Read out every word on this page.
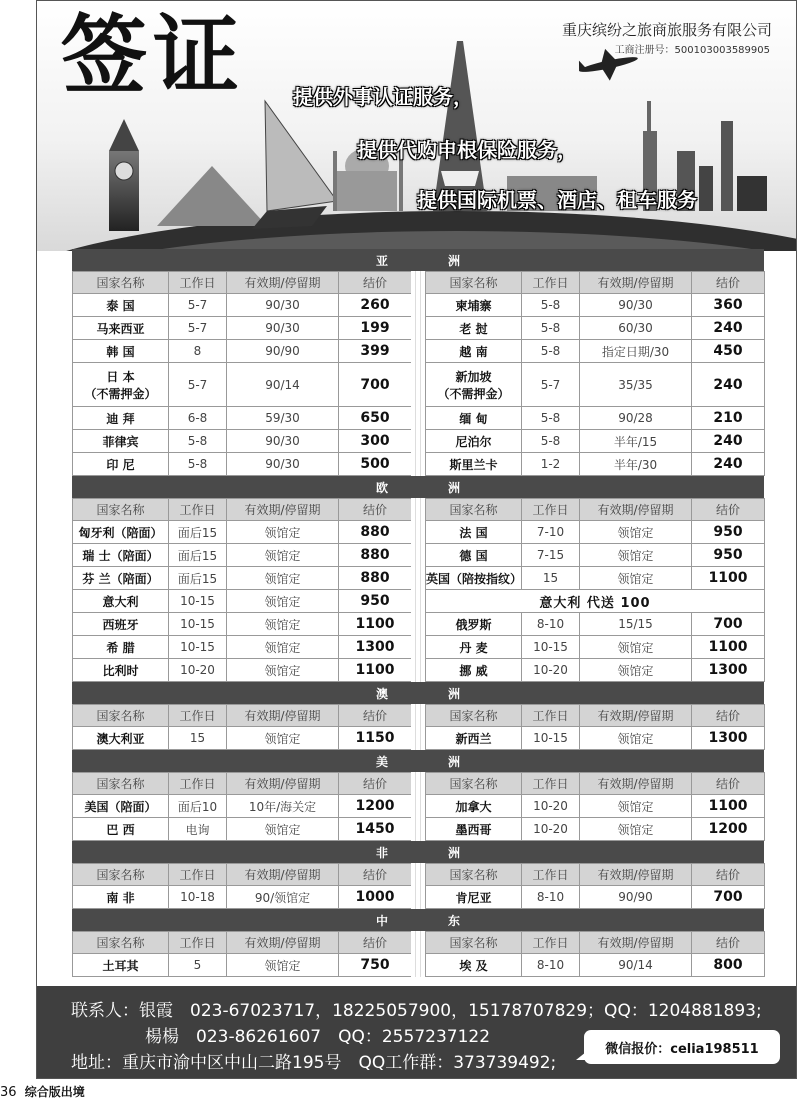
签证	重庆缤纷之旅商旅服务有限公司
工商注册号：500103003589905
提供外事认证服务，
提供代购申根保险服务，
提供国际机票、酒店、租车服务
亚洲
国家名称	工作日	有效期/停留期	结价
泰 国	5-7	90/30	260
马来西亚	5-7	90/30	199
韩 国	8	90/90	399
日 本
（不需押金）	5-7	90/14	700
迪 拜	6-8	59/30	650
菲律宾	5-8	90/30	300
印 尼	5-8	90/30	500
国家名称	工作日	有效期/停留期	结价
柬埔寨	5-8	90/30	360
老 挝	5-8	60/30	240
越 南	5-8	指定日期/30	450
新加坡
（不需押金）	5-7	35/35	240
缅 甸	5-8	90/28	210
尼泊尔	5-8	半年/15	240
斯里兰卡	1-2	半年/30	240
欧洲
国家名称	工作日	有效期/停留期	结价
匈牙利（陪面）	面后15	领馆定	880
瑞 士（陪面）	面后15	领馆定	880
芬 兰（陪面）	面后15	领馆定	880
意大利	10-15	领馆定	950
西班牙	10-15	领馆定	1100
希 腊	10-15	领馆定	1300
比利时	10-20	领馆定	1100
国家名称	工作日	有效期/停留期	结价
法 国	7-10	领馆定	950
德 国	7-15	领馆定	950
英国（陪按指纹）	15	领馆定	1100
意大利 代送 100			
俄罗斯	8-10	15/15	700
丹 麦	10-15	领馆定	1100
挪 威	10-20	领馆定	1300
澳洲
国家名称	工作日	有效期/停留期	结价
澳大利亚	15	领馆定	1150
国家名称	工作日	有效期/停留期	结价
新西兰	10-15	领馆定	1300
美洲
国家名称	工作日	有效期/停留期	结价
美国（陪面）	面后10	10年/海关定	1200
巴 西	电询	领馆定	1450
国家名称	工作日	有效期/停留期	结价
加拿大	10-20	领馆定	1100
墨西哥	10-20	领馆定	1200
非洲
国家名称	工作日	有效期/停留期	结价
南 非	10-18	90/领馆定	1000
国家名称	工作日	有效期/停留期	结价
肯尼亚	8-10	90/90	700
中东
国家名称	工作日	有效期/停留期	结价
土耳其	5	领馆定	750
国家名称	工作日	有效期/停留期	结价
埃 及	8-10	90/14	800
联系人：银霞　023-67023717，18225057900，15178707829；QQ：1204881893;
楊楊　023-86261607　QQ：2557237122
地址：重庆市渝中区中山二路195号　QQ工作群：373739492;
微信报价：celia198511
36 综合版出境
